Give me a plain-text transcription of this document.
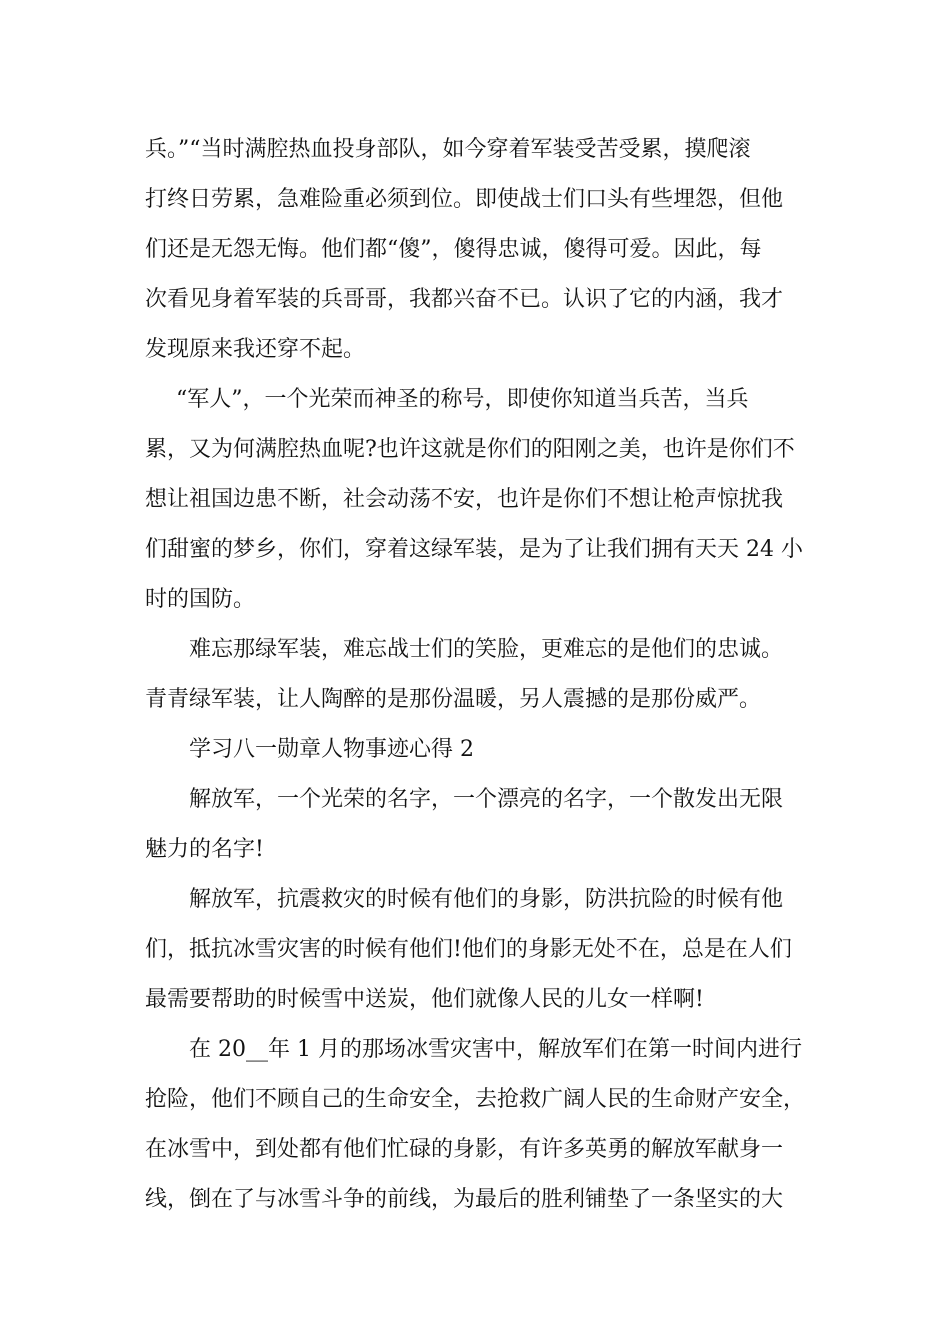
兵。”“当时满腔热血投身部队，如今穿着军装受苦受累，摸爬滚
打终日劳累，急难险重必须到位。即使战士们口头有些埋怨，但他
们还是无怨无悔。他们都“傻”，傻得忠诚，傻得可爱。因此，每
次看见身着军装的兵哥哥，我都兴奋不已。认识了它的内涵，我才
发现原来我还穿不起。
“军人”，一个光荣而神圣的称号，即使你知道当兵苦，当兵
累，又为何满腔热血呢?也许这就是你们的阳刚之美，也许是你们不
想让祖国边患不断，社会动荡不安，也许是你们不想让枪声惊扰我
们甜蜜的梦乡，你们，穿着这绿军装，是为了让我们拥有天天 24 小
时的国防。
难忘那绿军装，难忘战士们的笑脸，更难忘的是他们的忠诚。
青青绿军装，让人陶醉的是那份温暖，另人震撼的是那份威严。
学习八一勋章人物事迹心得 2
解放军，一个光荣的名字，一个漂亮的名字，一个散发出无限
魅力的名字!
解放军，抗震救灾的时候有他们的身影，防洪抗险的时候有他
们，抵抗冰雪灾害的时候有他们!他们的身影无处不在，总是在人们
最需要帮助的时候雪中送炭，他们就像人民的儿女一样啊!
在 20__年 1 月的那场冰雪灾害中，解放军们在第一时间内进行
抢险，他们不顾自己的生命安全，去抢救广阔人民的生命财产安全，
在冰雪中，到处都有他们忙碌的身影，有许多英勇的解放军献身一
线，倒在了与冰雪斗争的前线，为最后的胜利铺垫了一条坚实的大
